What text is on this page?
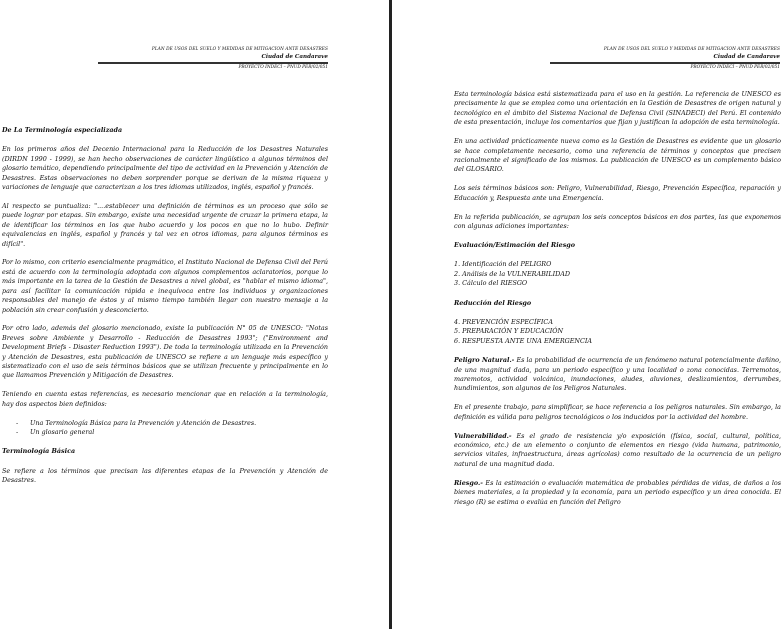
PLAN DE USOS DEL SUELO Y MEDIDAS DE MITIGACION ANTE DESASTRES
Ciudad de Candarave
PROYECTO INDECI – PNUD PER/02/051

De La Terminología especializada

En los primeros años del Decenio Internacional para la Reducción de los Desastres Naturales (DIRDN 1990 - 1999), se han hecho observaciones de carácter lingüístico a algunos términos del glosario temático, dependiendo principalmente del tipo de actividad en la Prevención y Atención de Desastres. Estas observaciones no deben sorprender porque se derivan de la misma riqueza y variaciones de lenguaje que caracterizan a los tres idiomas utilizados, inglés, español y francés.

Al respecto se puntualiza: "....establecer una definición de términos es un proceso que sólo se puede lograr por etapas. Sin embargo, existe una necesidad urgente de cruzar la primera etapa, la de identificar los términos en los que hubo acuerdo y los pocos en que no lo hubo. Definir equivalencias en inglés, español y francés y tal vez en otros idiomas, para algunos términos es difícil".

Por lo mismo, con criterio esencialmente pragmático, el Instituto Nacional de Defensa Civil del Perú está de acuerdo con la terminología adoptada con algunos complementos aclaratorios, porque lo más importante en la tarea de la Gestión de Desastres a nivel global, es "hablar el mismo idioma", para así facilitar la comunicación rápida e inequívoca entre los individuos y organizaciones responsables del manejo de éstos y al mismo tiempo también llegar con nuestro mensaje a la población sin crear confusión y desconcierto.

Por otro lado, además del glosario mencionado, existe la publicación N° 05 de UNESCO: "Notas Breves sobre Ambiente y Desarrollo - Reducción de Desastres 1993"; ("Environment and Development Briefs - Disaster Reduction 1993"). De toda la terminología utilizada en la Prevención y Atención de Desastres, esta publicación de UNESCO se refiere a un lenguaje más específico y sistematizado con el uso de seis términos básicos que se utilizan frecuente y principalmente en lo que llamamos Prevención y Mitigación de Desastres.

Teniendo en cuenta estas referencias, es necesario mencionar que en relación a la terminología, hay dos aspectos bien definidos:

- Una Terminología Básica para la Prevención y Atención de Desastres.
- Un glosario general

Terminología Básica

Se refiere a los términos que precisan las diferentes etapas de la Prevención y Atención de Desastres.

PLAN DE USOS DEL SUELO Y MEDIDAS DE MITIGACION ANTE DESASTRES
Ciudad de Candarave
PROYECTO INDECI – PNUD PER/02/051

Esta terminología básica está sistematizada para el uso en la gestión. La referencia de UNESCO es precisamente la que se emplea como una orientación en la Gestión de Desastres de origen natural y tecnológico en el ámbito del Sistema Nacional de Defensa Civil (SINADECI) del Perú. El contenido de esta presentación, incluye los comentarios que fijan y justifican la adopción de esta terminología.

En una actividad prácticamente nueva como es la Gestión de Desastres es evidente que un glosario se hace completamente necesario, como una referencia de términos y conceptos que precisen racionalmente el significado de los mismos. La publicación de UNESCO es un complemento básico del GLOSARIO.

Los seis términos básicos son: Peligro, Vulnerabilidad, Riesgo, Prevención Específica, reparación y Educación y, Respuesta ante una Emergencia.

En la referida publicación, se agrupan los seis conceptos básicos en dos partes, las que exponemos con algunas adiciones importantes:

Evaluación/Estimación del Riesgo

1. Identificación del PELIGRO
2. Análisis de la VULNERABILIDAD
3. Cálculo del RIESGO

Reducción del Riesgo

4. PREVENCIÓN ESPECÍFICA
5. PREPARACIÓN Y EDUCACIÓN
6. RESPUESTA ANTE UNA EMERGENCIA

Peligro Natural.- Es la probabilidad de ocurrencia de un fenómeno natural potencialmente dañino, de una magnitud dada, para un periodo específico y una localidad o zona conocidas. Terremotos, maremotos, actividad volcánica, inundaciones, aludes, aluviones, deslizamientos, derrumbes, hundimientos, son algunos de los Peligros Naturales.

En el presente trabajo, para simplificar, se hace referencia a los peligros naturales. Sin embargo, la definición es válida para peligros tecnológicos o los inducidos por la actividad del hombre.

Vulnerabilidad.- Es el grado de resistencia y/o exposición (física, social, cultural, política, económico, etc.) de un elemento o conjunto de elementos en riesgo (vida humana, patrimonio, servicios vitales, infraestructura, áreas agrícolas) como resultado de la ocurrencia de un peligro natural de una magnitud dada.

Riesgo.- Es la estimación o evaluación matemática de probables pérdidas de vidas, de daños a los bienes materiales, a la propiedad y la economía, para un periodo específico y un área conocida. El riesgo (R) se estima o evalúa en función del Peligro
